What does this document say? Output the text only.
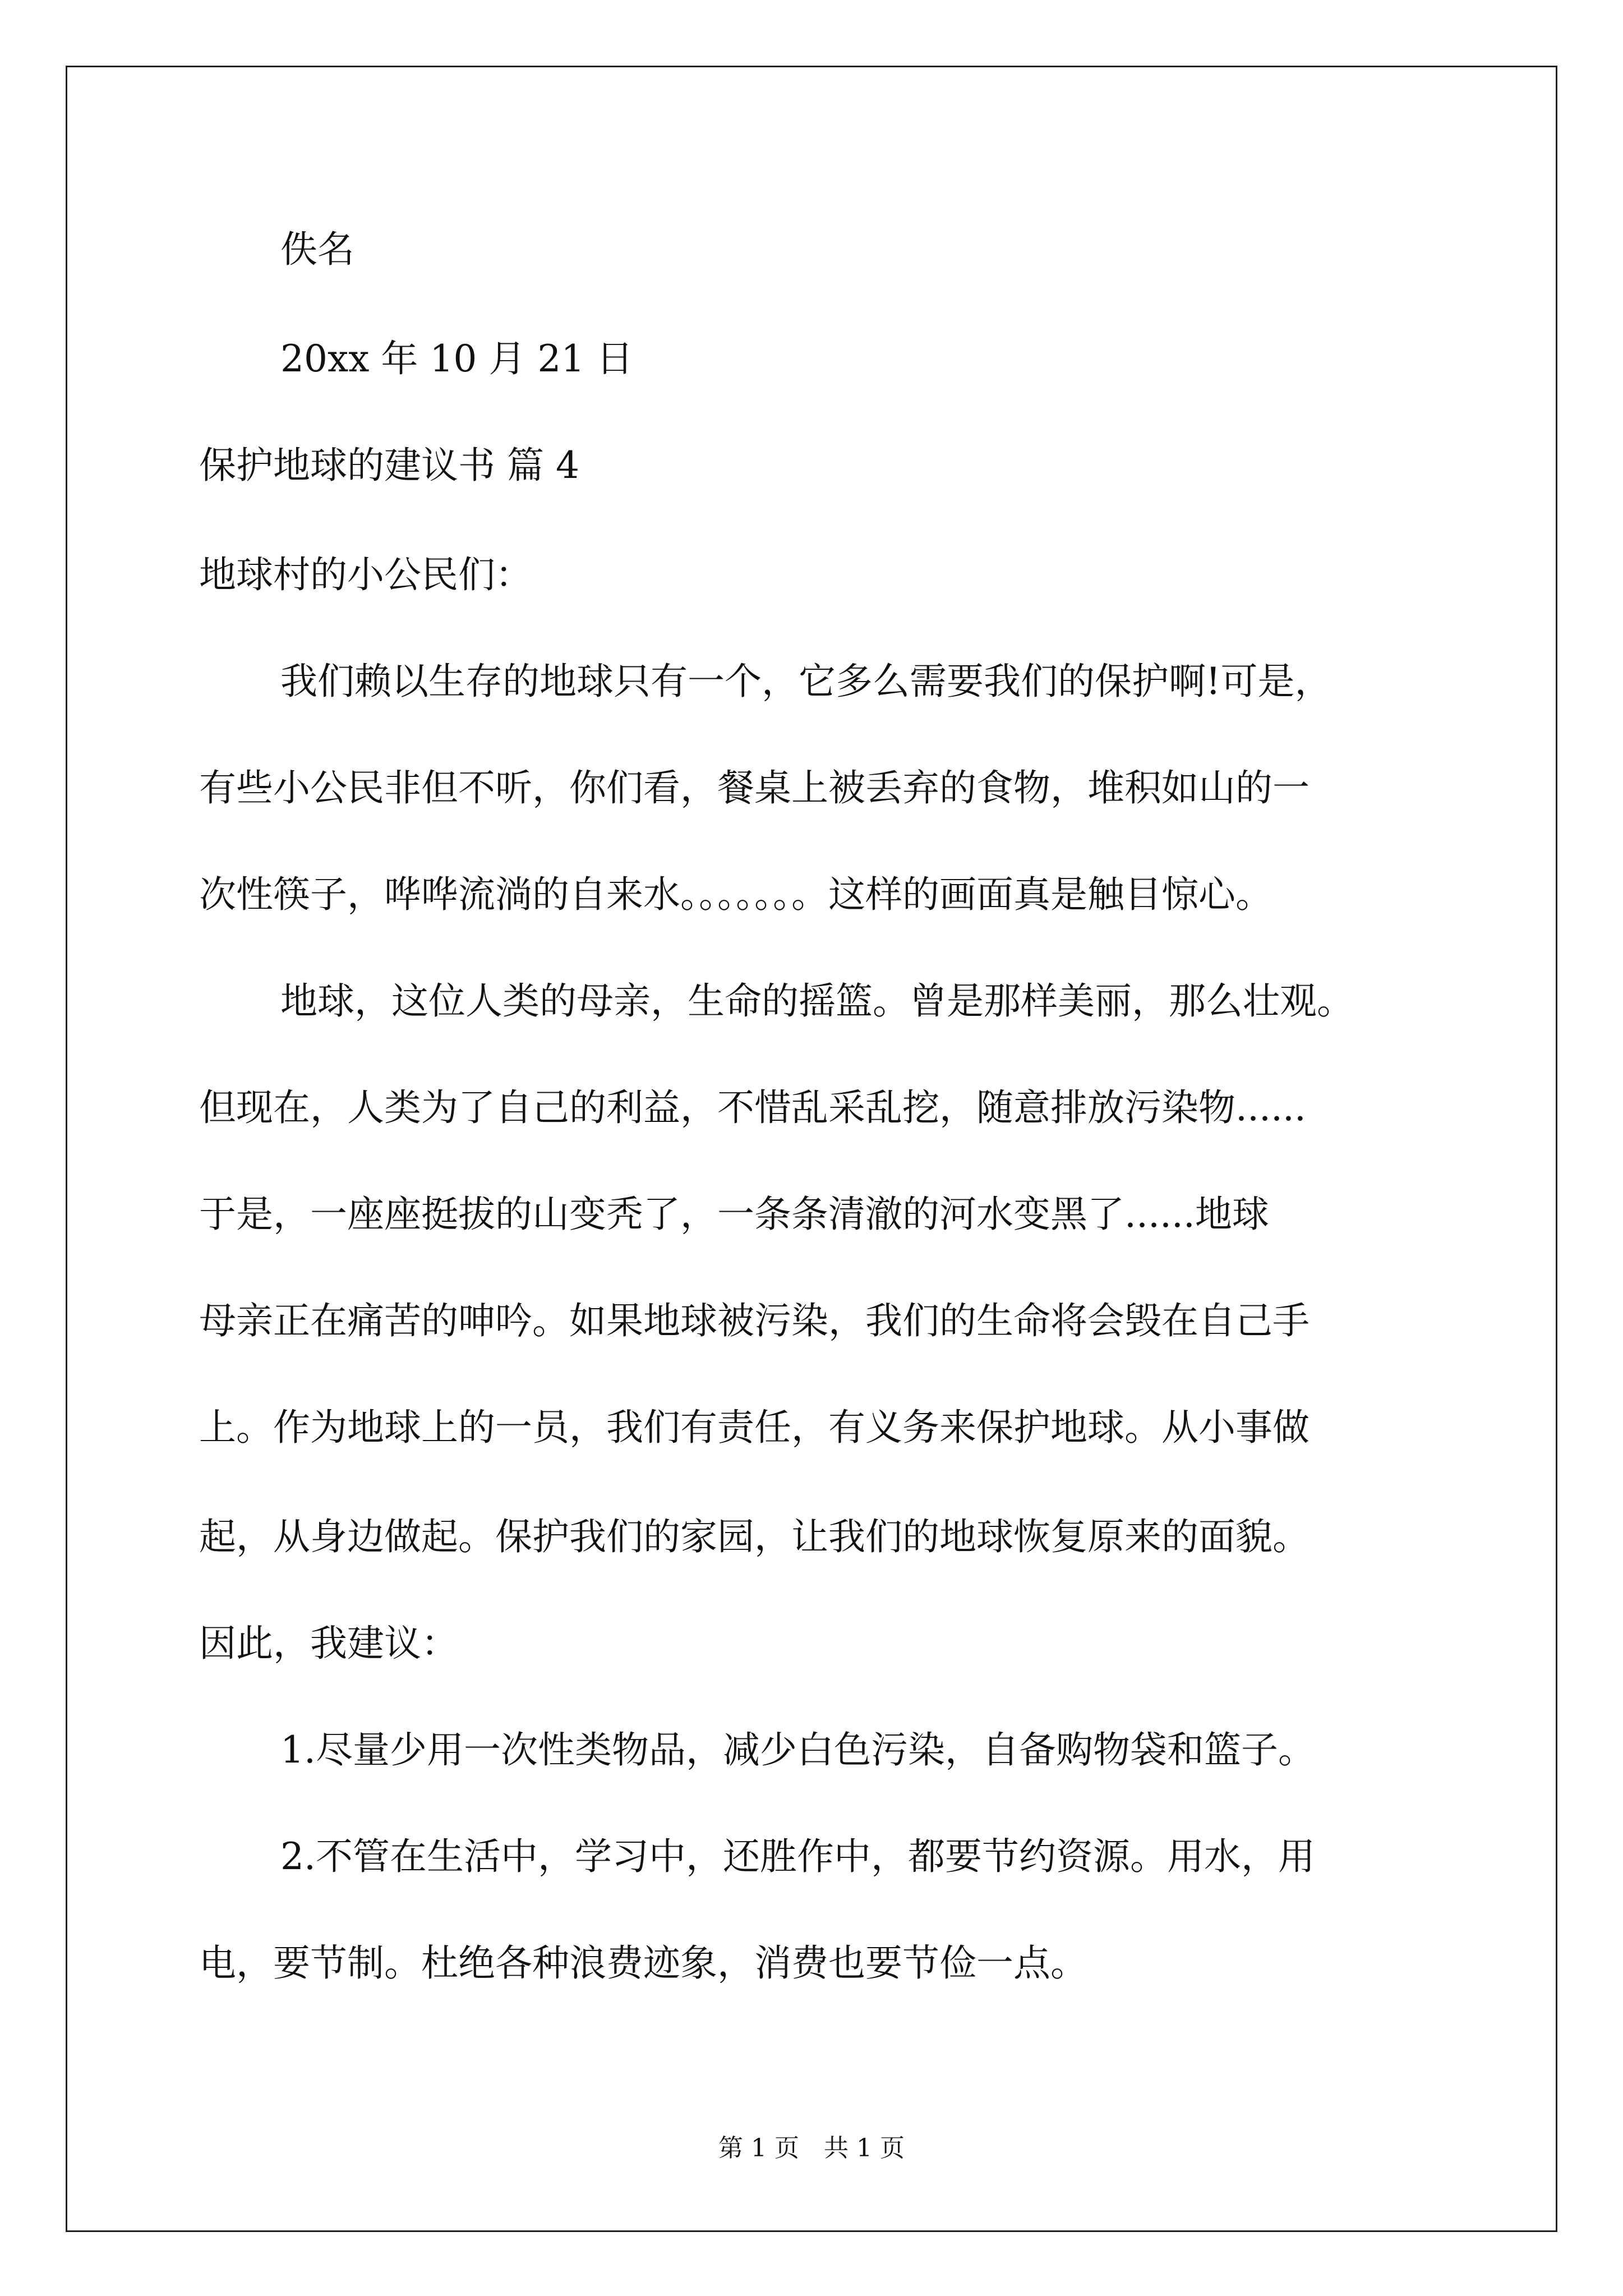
佚名
20xx 年 10 月 21 日
保护地球的建议书 篇 4
地球村的小公民们：
我们赖以生存的地球只有一个，它多么需要我们的保护啊!可是，
有些小公民非但不听，你们看，餐桌上被丢弃的食物，堆积如山的一
次性筷子，哗哗流淌的自来水。。。。。。。这样的画面真是触目惊心。
地球，这位人类的母亲，生命的摇篮。曾是那样美丽，那么壮观。
但现在，人类为了自己的利益，不惜乱采乱挖，随意排放污染物......
于是，一座座挺拔的山变秃了，一条条清澈的河水变黑了......地球
母亲正在痛苦的呻吟。如果地球被污染，我们的生命将会毁在自己手
上。作为地球上的一员，我们有责任，有义务来保护地球。从小事做
起，从身边做起。保护我们的家园，让我们的地球恢复原来的面貌。
因此，我建议：
1.尽量少用一次性类物品，减少白色污染，自备购物袋和篮子。
2.不管在生活中，学习中，还胜作中，都要节约资源。用水，用
电，要节制。杜绝各种浪费迹象，消费也要节俭一点。
第 1 页　共 1 页
